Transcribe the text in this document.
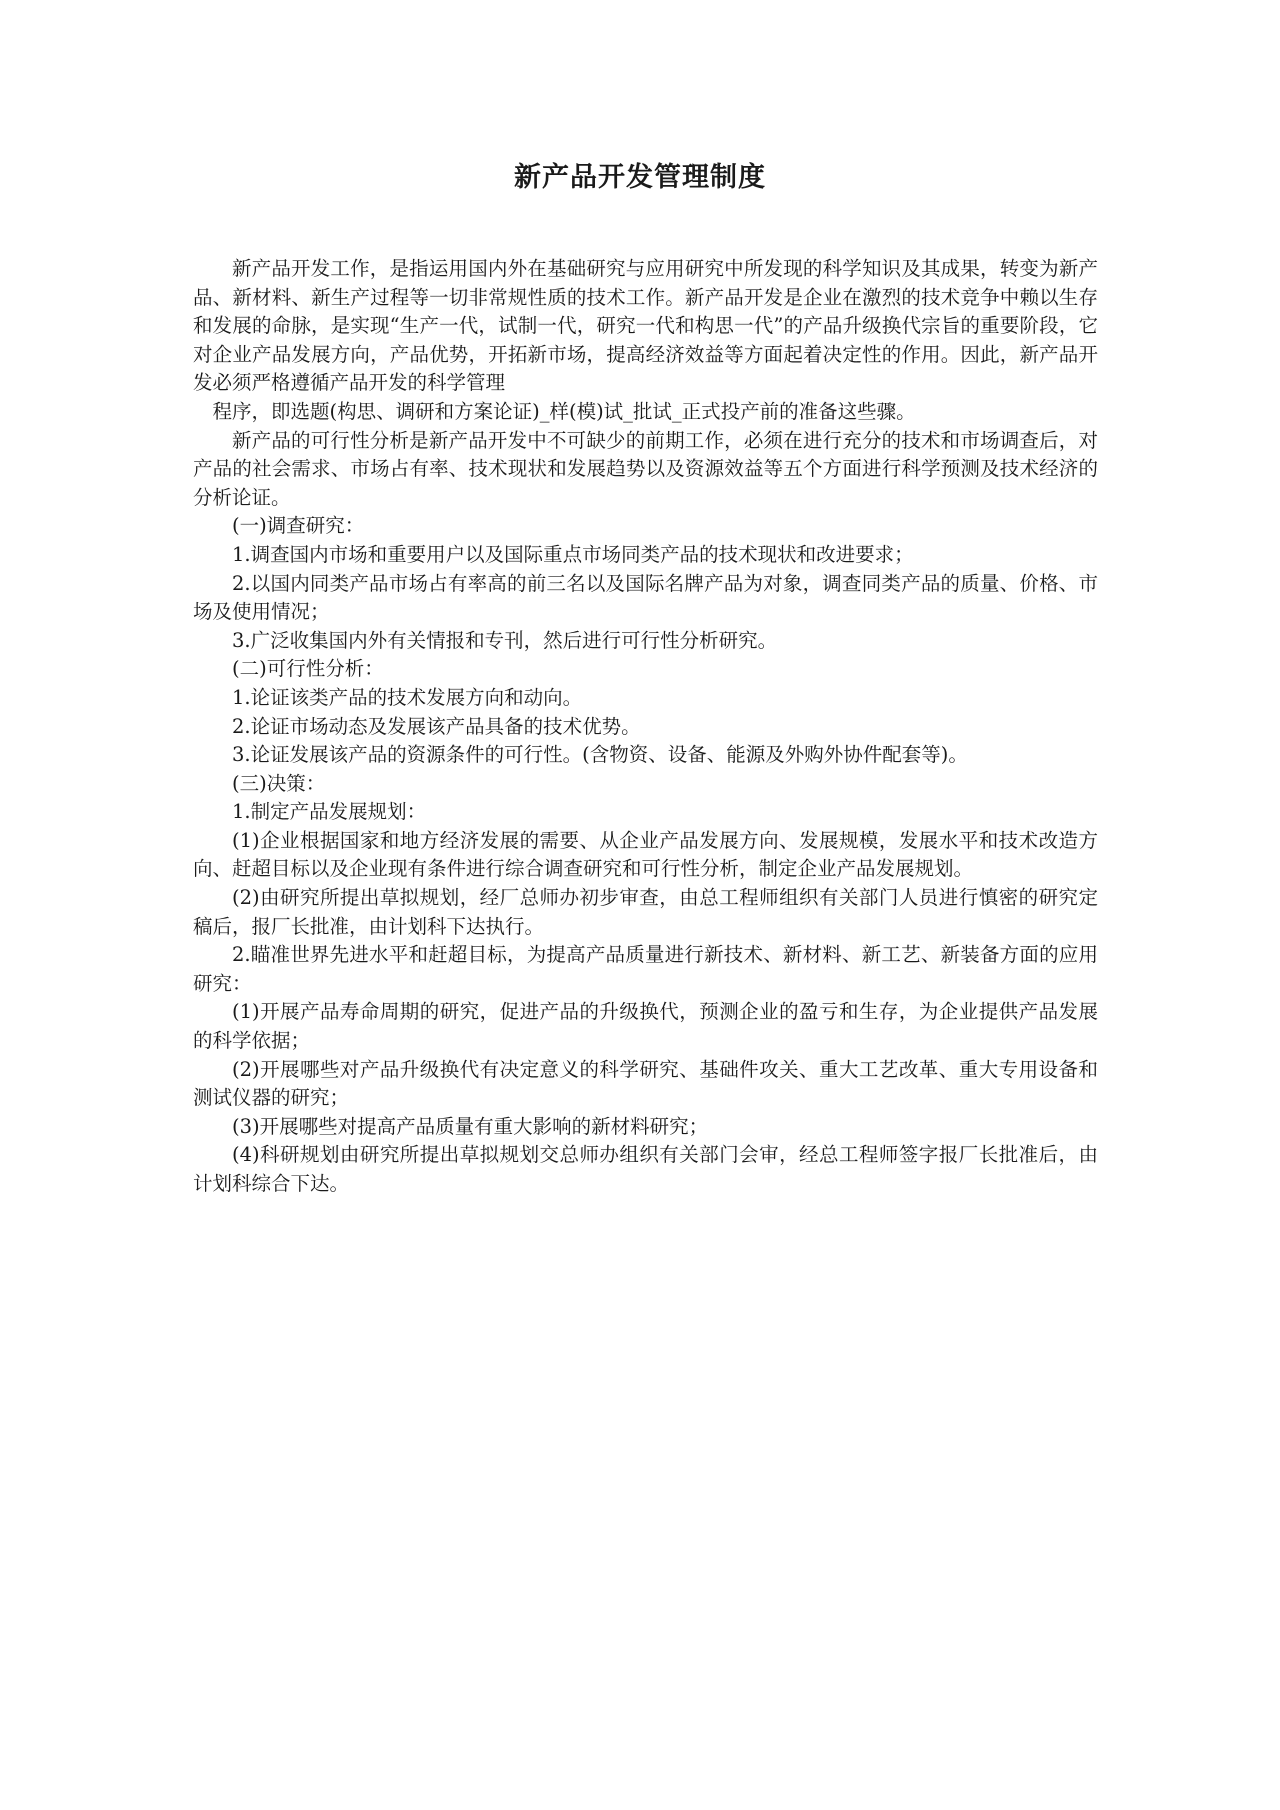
新产品开发管理制度

新产品开发工作，是指运用国内外在基础研究与应用研究中所发现的科学知识及其成果，转变为新产品、新材料、新生产过程等一切非常规性质的技术工作。新产品开发是企业在激烈的技术竞争中赖以生存和发展的命脉，是实现“生产一代，试制一代，研究一代和构思一代”的产品升级换代宗旨的重要阶段，它对企业产品发展方向，产品优势，开拓新市场，提高经济效益等方面起着决定性的作用。因此，新产品开发必须严格遵循产品开发的科学管理

程序，即选题(构思、调研和方案论证)_样(模)试_批试_正式投产前的准备这些骤。

新产品的可行性分析是新产品开发中不可缺少的前期工作，必须在进行充分的技术和市场调查后，对产品的社会需求、市场占有率、技术现状和发展趋势以及资源效益等五个方面进行科学预测及技术经济的分析论证。

(一)调查研究：

1.调查国内市场和重要用户以及国际重点市场同类产品的技术现状和改进要求；

2.以国内同类产品市场占有率高的前三名以及国际名牌产品为对象，调查同类产品的质量、价格、市场及使用情况；

3.广泛收集国内外有关情报和专刊，然后进行可行性分析研究。

(二)可行性分析：

1.论证该类产品的技术发展方向和动向。

2.论证市场动态及发展该产品具备的技术优势。

3.论证发展该产品的资源条件的可行性。(含物资、设备、能源及外购外协件配套等)。

(三)决策：

1.制定产品发展规划：

(1)企业根据国家和地方经济发展的需要、从企业产品发展方向、发展规模，发展水平和技术改造方向、赶超目标以及企业现有条件进行综合调查研究和可行性分析，制定企业产品发展规划。

(2)由研究所提出草拟规划，经厂总师办初步审查，由总工程师组织有关部门人员进行慎密的研究定稿后，报厂长批准，由计划科下达执行。

2.瞄准世界先进水平和赶超目标，为提高产品质量进行新技术、新材料、新工艺、新装备方面的应用研究：

(1)开展产品寿命周期的研究，促进产品的升级换代，预测企业的盈亏和生存，为企业提供产品发展的科学依据；

(2)开展哪些对产品升级换代有决定意义的科学研究、基础件攻关、重大工艺改革、重大专用设备和测试仪器的研究；

(3)开展哪些对提高产品质量有重大影响的新材料研究；

(4)科研规划由研究所提出草拟规划交总师办组织有关部门会审，经总工程师签字报厂长批准后，由计划科综合下达。
